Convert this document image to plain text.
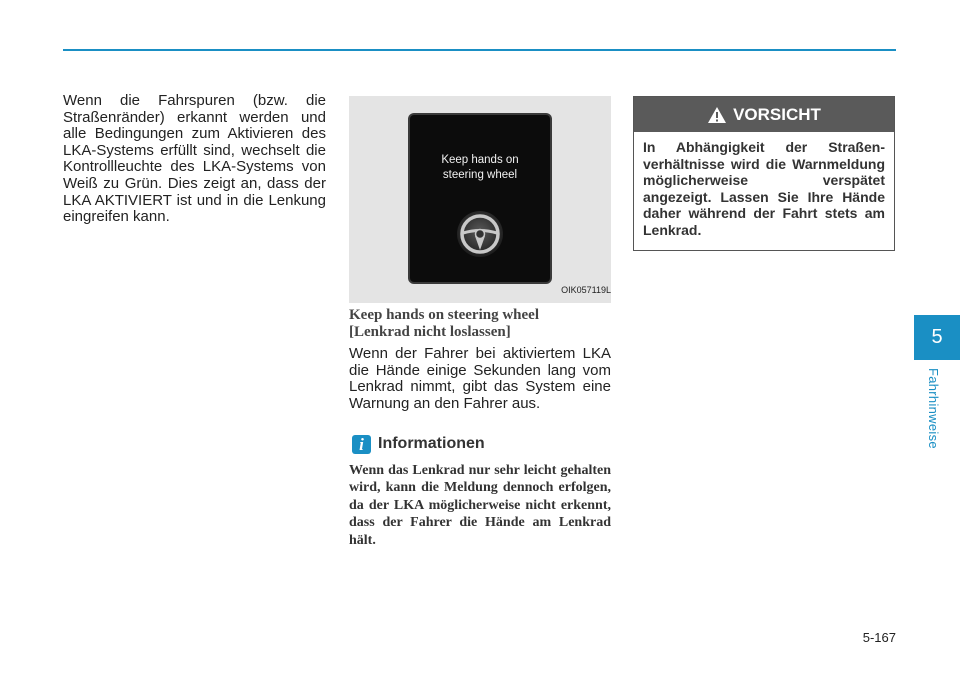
Wenn die Fahrspuren (bzw. die Straßenränder) erkannt werden und alle Bedingungen zum Aktivieren des LKA-Systems erfüllt sind, wechselt die Kontrollleuchte des LKA-Systems von Weiß zu Grün. Dies zeigt an, dass der LKA AKTIVIERT ist und in die Lenkung eingreifen kann.

Keep hands on
steering wheel
OIK057119L
Keep hands on steering wheel
[Lenkrad nicht loslassen]

Wenn der Fahrer bei aktiviertem LKA die Hände einige Sekunden lang vom Lenkrad nimmt, gibt das System eine Warnung an den Fahrer aus.

i Informationen

Wenn das Lenkrad nur sehr leicht gehalten wird, kann die Meldung dennoch erfolgen, da der LKA möglicherweise nicht erkennt, dass der Fahrer die Hände am Lenkrad hält.

VORSICHT

In Abhängigkeit der Straßenverhältnisse wird die Warnmeldung möglicherweise verspätet angezeigt. Lassen Sie Ihre Hände daher während der Fahrt stets am Lenkrad.

5
Fahrhinweise
5-167
